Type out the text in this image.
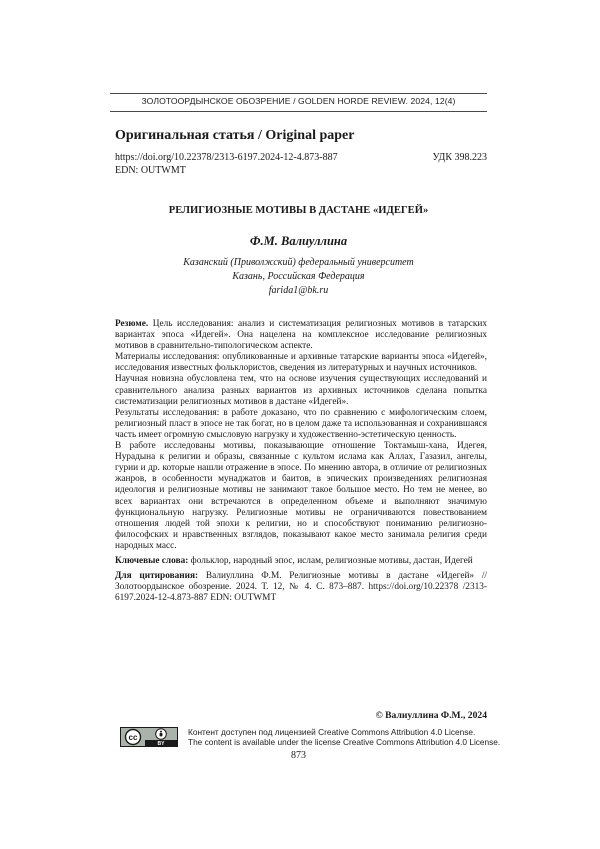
ЗОЛОТООРДЫНСКОЕ ОБОЗРЕНИЕ / GOLDEN HORDE REVIEW. 2024, 12(4)
Оригинальная статья / Original paper
https://doi.org/10.22378/2313-6197.2024-12-4.873-887	УДК 398.223
EDN: OUTWMT
РЕЛИГИОЗНЫЕ МОТИВЫ В ДАСТАНЕ «ИДЕГЕЙ»
Ф.М. Валиуллина
Казанский (Приволжский) федеральный университет
Казань, Российская Федерация
farida1@bk.ru

Резюме. Цель исследования: анализ и систематизация религиозных мотивов в татарских вариантах эпоса «Идегей». Она нацелена на комплексное исследование религиозных мотивов в сравнительно-типологическом аспекте.

Материалы исследования: опубликованные и архивные татарские варианты эпоса «Идегей», исследования известных фольклористов, сведения из литературных и научных источников.

Научная новизна обусловлена тем, что на основе изучения существующих исследований и сравнительного анализа разных вариантов из архивных источников сделана попытка систематизации религиозных мотивов в дастане «Идегей».

Результаты исследования: в работе доказано, что по сравнению с мифологическим слоем, религиозный пласт в эпосе не так богат, но в целом даже та использованная и сохранившаяся часть имеет огромную смысловую нагрузку и художественно-эстетическую ценность.

В работе исследованы мотивы, показывающие отношение Toктамыш-хана, Идегея, Нурадына к религии и образы, связанные с культом ислама как Аллах, Газазил, ангелы, гурии и др. которые нашли отражение в эпосе. По мнению автора, в отличие от религиозных жанров, в особенности мунаджатов и баитов, в эпических произведениях религиозная идеология и религиозные мотивы не занимают такое большое место. Но тем не менее, во всех вариантах они встречаются в определенном объеме и выполняют значимую функциональную нагрузку. Религиозные мотивы не ограничиваются повествованием отношения людей той эпохи к религии, но и способствуют пониманию религиозно-философских и нравственных взглядов, показывают какое место занимала религия среди народных масс.

Ключевые слова: фольклор, народный эпос, ислам, религиозные мотивы, дастан, Идегей

Для цитирования: Валиуллина Ф.М. Религиозные мотивы в дастане «Идегей» // Золотоордынское обозрение. 2024. Т. 12, № 4. С. 873–887. https://doi.org/10.22378 /2313-6197.2024-12-4.873-887 EDN: OUTWMT

© Валиуллина Ф.М., 2024
cc
BY
Контент доступен под лицензией Creative Commons Attribution 4.0 License.
The content is available under the license Creative Commons Attribution 4.0 License.
873
